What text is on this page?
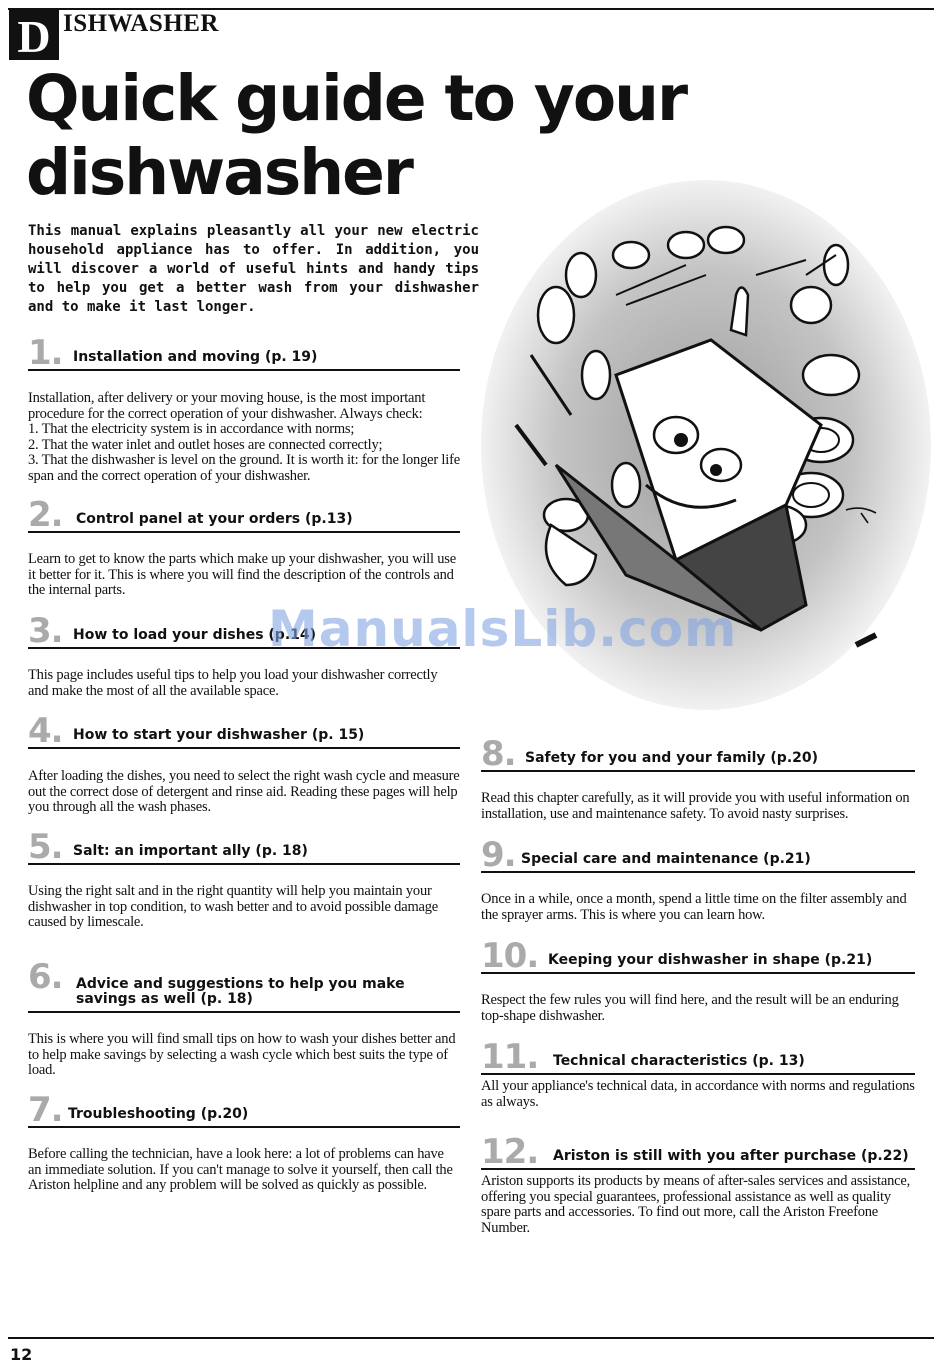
D ISHWASHER
Quick guide to your dishwasher

This manual explains pleasantly all your new electric household appliance has to offer. In addition, you will discover a world of useful hints and handy tips to help you get a better wash from your dishwasher and to make it last longer.

1. Installation and moving (p. 19)

Installation, after delivery or your moving house, is the most important procedure for the correct operation of your dishwasher. Always check:
1. That the electricity system is in accordance with norms;
2. That the water inlet and outlet hoses are connected correctly;
3. That the dishwasher is level on the ground. It is worth it: for the longer life span and the correct operation of your dishwasher.

2. Control panel at your orders (p.13)

Learn to get to know the parts which make up your dishwasher, you will use it better for it. This is where you will find the description of the controls and the internal parts.

3. How to load your dishes (p.14)

This page includes useful tips to help you load your dishwasher correctly and make the most of all the available space.

4. How to start your dishwasher (p. 15)

After loading the dishes, you need to select the right wash cycle and measure out the correct dose of detergent and rinse aid. Reading these pages will help you through all the wash phases.

5. Salt: an important ally (p. 18)

Using the right salt and in the right quantity will help you maintain your dishwasher in top condition, to wash better and to avoid possible damage caused by limescale.

6. Advice and suggestions to help you make savings as well (p. 18)

This is where you will find small tips on how to wash your dishes better and to help make savings by selecting a wash cycle which best suits the type of load.

7. Troubleshooting (p.20)

Before calling the technician, have a look here: a lot of problems can have an immediate solution. If you can't manage to solve it yourself, then call the Ariston helpline and any problem will be solved as quickly as possible.

8. Safety for you and your family (p.20)

Read this chapter carefully, as it will provide you with useful information on installation, use and maintenance safety. To avoid nasty surprises.

9. Special care and maintenance (p.21)

Once in a while, once a month, spend a little time on the filter assembly and the sprayer arms. This is where you can learn how.

10. Keeping your dishwasher in shape (p.21)

Respect the few rules you will find here, and the result will be an enduring top-shape dishwasher.

11. Technical characteristics (p. 13)

All your appliance's technical data, in accordance with norms and regulations as always.

12. Ariston is still with you after purchase (p.22)

Ariston supports its products by means of after-sales services and assistance, offering you special guarantees, professional assistance as well as quality spare parts and accessories. To find out more, call the Ariston Freefone Number.

ManualsLib.com
12
